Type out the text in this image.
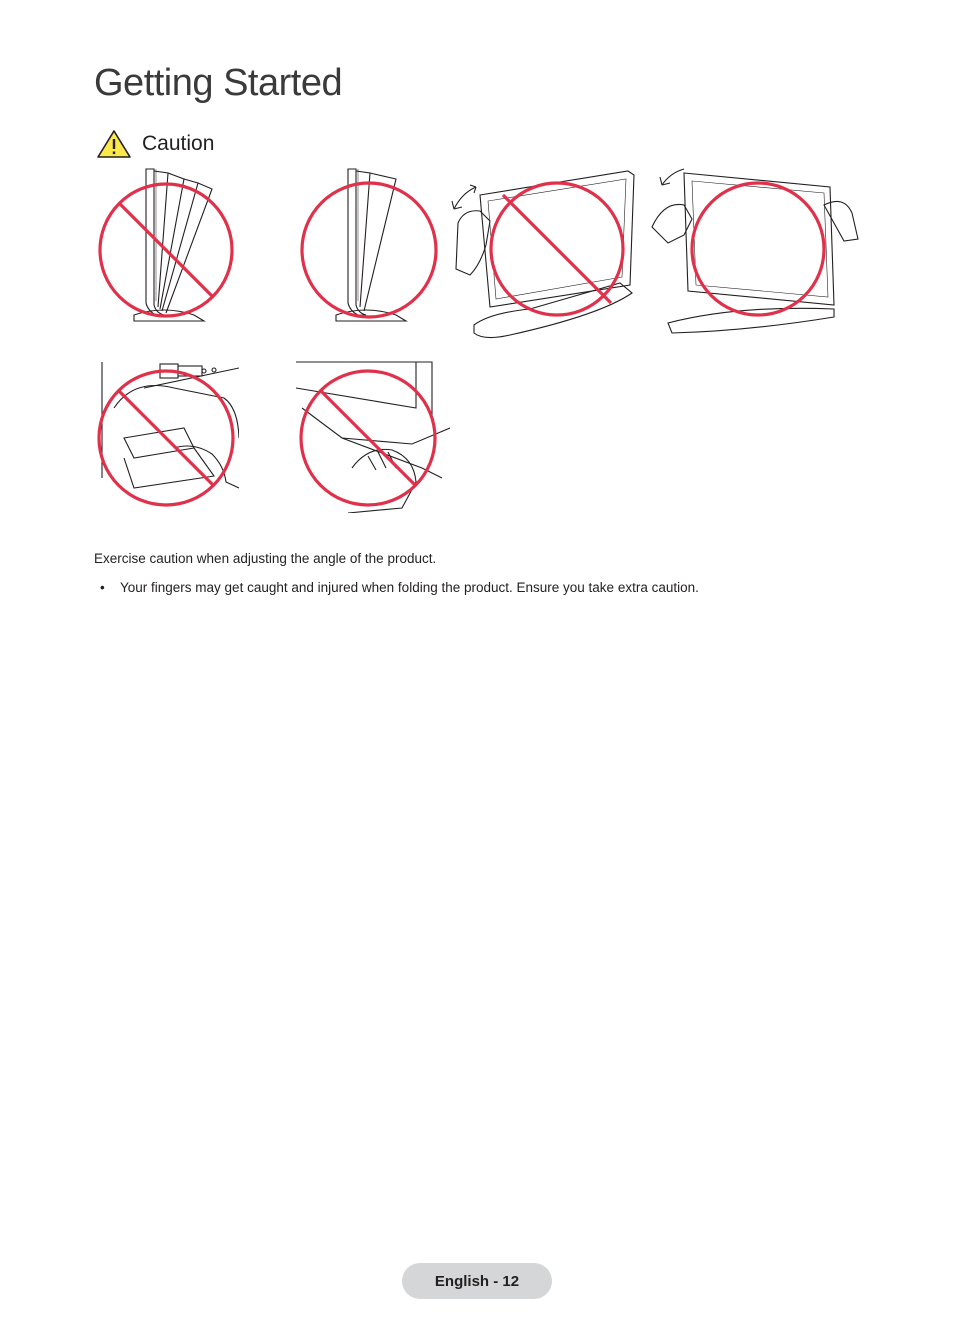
Getting Started
Caution

Exercise caution when adjusting the angle of the product.

•	Your fingers may get caught and injured when folding the product. Ensure you take extra caution.
English - 12
